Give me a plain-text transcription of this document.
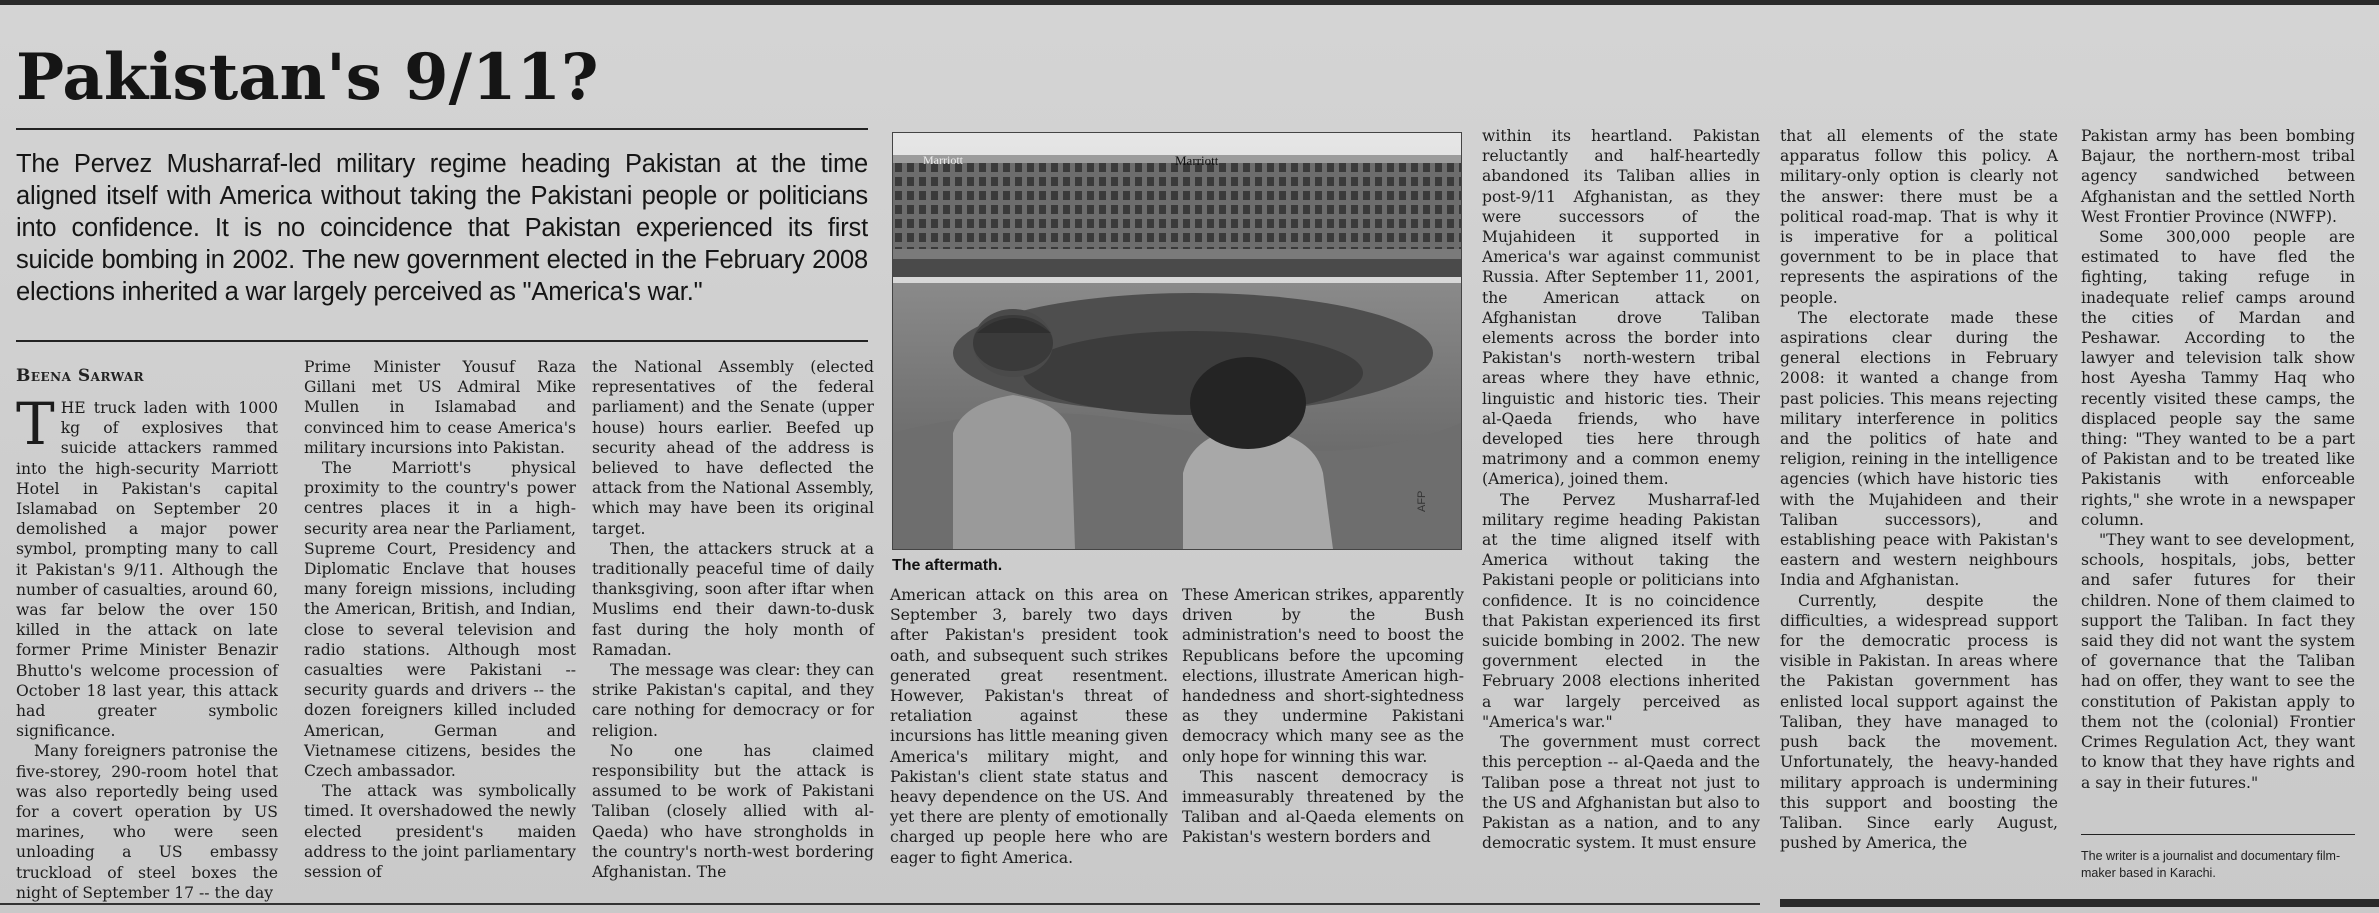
Pakistan's 9/11?

The Pervez Musharraf-led military regime heading Pakistan at the time aligned itself with America without taking the Pakistani people or politicians into confidence. It is no coincidence that Pakistan experienced its first suicide bombing in 2002. The new government elected in the February 2008 elections inherited a war largely perceived as "America's war."

Beena Sarwar

THE truck laden with 1000 kg of explosives that suicide attackers rammed into the high-security Marriott Hotel in Pakistan's capital Islamabad on September 20 demolished a major power symbol, prompting many to call it Pakistan's 9/11. Although the number of casualties, around 60, was far below the over 150 killed in the attack on late former Prime Minister Benazir Bhutto's welcome procession of October 18 last year, this attack had greater symbolic significance.

Many foreigners patronise the five-storey, 290-room hotel that was also reportedly being used for a covert operation by US marines, who were seen unloading a US embassy truckload of steel boxes the night of September 17 -- the day

Prime Minister Yousuf Raza Gillani met US Admiral Mike Mullen in Islamabad and convinced him to cease America's military incursions into Pakistan.

The Marriott's physical proximity to the country's power centres places it in a high-security area near the Parliament, Supreme Court, Presidency and Diplomatic Enclave that houses many foreign missions, including the American, British, and Indian, close to several television and radio stations. Although most casualties were Pakistani -- security guards and drivers -- the dozen foreigners killed included American, German and Vietnamese citizens, besides the Czech ambassador.

The attack was symbolically timed. It overshadowed the newly elected president's maiden address to the joint parliamentary session of

the National Assembly (elected representatives of the federal parliament) and the Senate (upper house) hours earlier. Beefed up security ahead of the address is believed to have deflected the attack from the National Assembly, which may have been its original target.

Then, the attackers struck at a traditionally peaceful time of daily thanksgiving, soon after iftar when Muslims end their dawn-to-dusk fast during the holy month of Ramadan.

The message was clear: they can strike Pakistan's capital, and they care nothing for democracy or for religion.

No one has claimed responsibility but the attack is assumed to be work of Pakistani Taliban (closely allied with al-Qaeda) who have strongholds in the country's north-west bordering Afghanistan. The

Marriott	Marriott
AFP

The aftermath.

American attack on this area on September 3, barely two days after Pakistan's president took oath, and subsequent such strikes generated great resentment. However, Pakistan's threat of retaliation against these incursions has little meaning given America's military might, and Pakistan's client state status and heavy dependence on the US. And yet there are plenty of emotionally charged up people here who are eager to fight America.

These American strikes, apparently driven by the Bush administration's need to boost the Republicans before the upcoming elections, illustrate American high-handedness and short-sightedness as they undermine Pakistani democracy which many see as the only hope for winning this war.

This nascent democracy is immeasurably threatened by the Taliban and al-Qaeda elements on Pakistan's western borders and

within its heartland. Pakistan reluctantly and half-heartedly abandoned its Taliban allies in post-9/11 Afghanistan, as they were successors of the Mujahideen it supported in America's war against communist Russia. After September 11, 2001, the American attack on Afghanistan drove Taliban elements across the border into Pakistan's north-western tribal areas where they have ethnic, linguistic and historic ties. Their al-Qaeda friends, who have developed ties here through matrimony and a common enemy (America), joined them.

The Pervez Musharraf-led military regime heading Pakistan at the time aligned itself with America without taking the Pakistani people or politicians into confidence. It is no coincidence that Pakistan experienced its first suicide bombing in 2002. The new government elected in the February 2008 elections inherited a war largely perceived as "America's war."

The government must correct this perception -- al-Qaeda and the Taliban pose a threat not just to the US and Afghanistan but also to Pakistan as a nation, and to any democratic system. It must ensure

that all elements of the state apparatus follow this policy. A military-only option is clearly not the answer: there must be a political road-map. That is why it is imperative for a political government to be in place that represents the aspirations of the people.

The electorate made these aspirations clear during the general elections in February 2008: it wanted a change from past policies. This means rejecting military interference in politics and the politics of hate and religion, reining in the intelligence agencies (which have historic ties with the Mujahideen and their Taliban successors), and establishing peace with Pakistan's eastern and western neighbours India and Afghanistan.

Currently, despite the difficulties, a widespread support for the democratic process is visible in Pakistan. In areas where the Pakistan government has enlisted local support against the Taliban, they have managed to push back the movement. Unfortunately, the heavy-handed military approach is undermining this support and boosting the Taliban. Since early August, pushed by America, the

Pakistan army has been bombing Bajaur, the northern-most tribal agency sandwiched between Afghanistan and the settled North West Frontier Province (NWFP).

Some 300,000 people are estimated to have fled the fighting, taking refuge in inadequate relief camps around the cities of Mardan and Peshawar. According to the lawyer and television talk show host Ayesha Tammy Haq who recently visited these camps, the displaced people say the same thing: "They wanted to be a part of Pakistan and to be treated like Pakistanis with enforceable rights," she wrote in a newspaper column.

"They want to see development, schools, hospitals, jobs, better and safer futures for their children. None of them claimed to support the Taliban. In fact they said they did not want the system of governance that the Taliban had on offer, they want to see the constitution of Pakistan apply to them not the (colonial) Frontier Crimes Regulation Act, they want to know that they have rights and a say in their futures."

The writer is a journalist and documentary film-maker based in Karachi.
